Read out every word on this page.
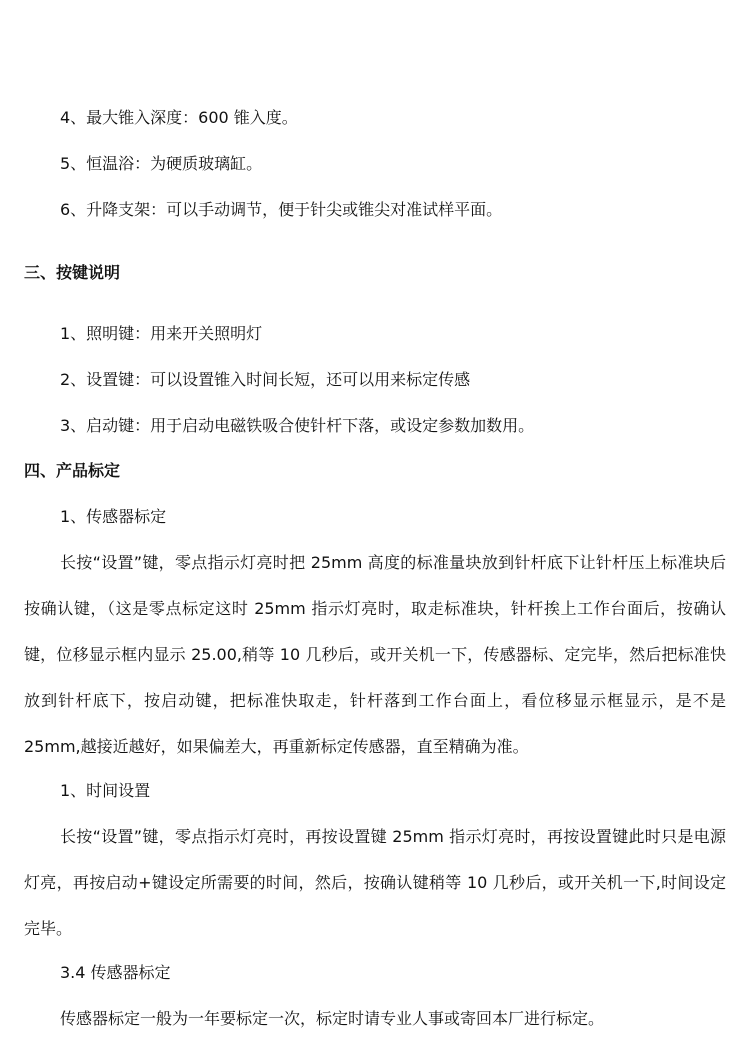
4、最大锥入深度：600 锥入度。
5、恒温浴：为硬质玻璃缸。
6、升降支架：可以手动调节，便于针尖或锥尖对准试样平面。
三、按键说明
1、照明键：用来开关照明灯
2、设置键：可以设置锥入时间长短，还可以用来标定传感
3、启动键：用于启动电磁铁吸合使针杆下落，或设定参数加数用。
四、产品标定
1、传感器标定
长按“设置”键，零点指示灯亮时把 25mm 高度的标准量块放到针杆底下让针杆压上标准块后按确认键，（这是零点标定这时 25mm 指示灯亮时，取走标准块，针杆挨上工作台面后，按确认键，位移显示框内显示 25.00,稍等 10 几秒后，或开关机一下，传感器标、定完毕，然后把标准快放到针杆底下，按启动键，把标准快取走，针杆落到工作台面上，看位移显示框显示，是不是 25mm,越接近越好，如果偏差大，再重新标定传感器，直至精确为准。
1、时间设置
长按“设置”键，零点指示灯亮时，再按设置键 25mm 指示灯亮时，再按设置键此时只是电源灯亮，再按启动+键设定所需要的时间，然后，按确认键稍等 10 几秒后，或开关机一下,时间设定完毕。
3.4 传感器标定
传感器标定一般为一年要标定一次，标定时请专业人事或寄回本厂进行标定。
